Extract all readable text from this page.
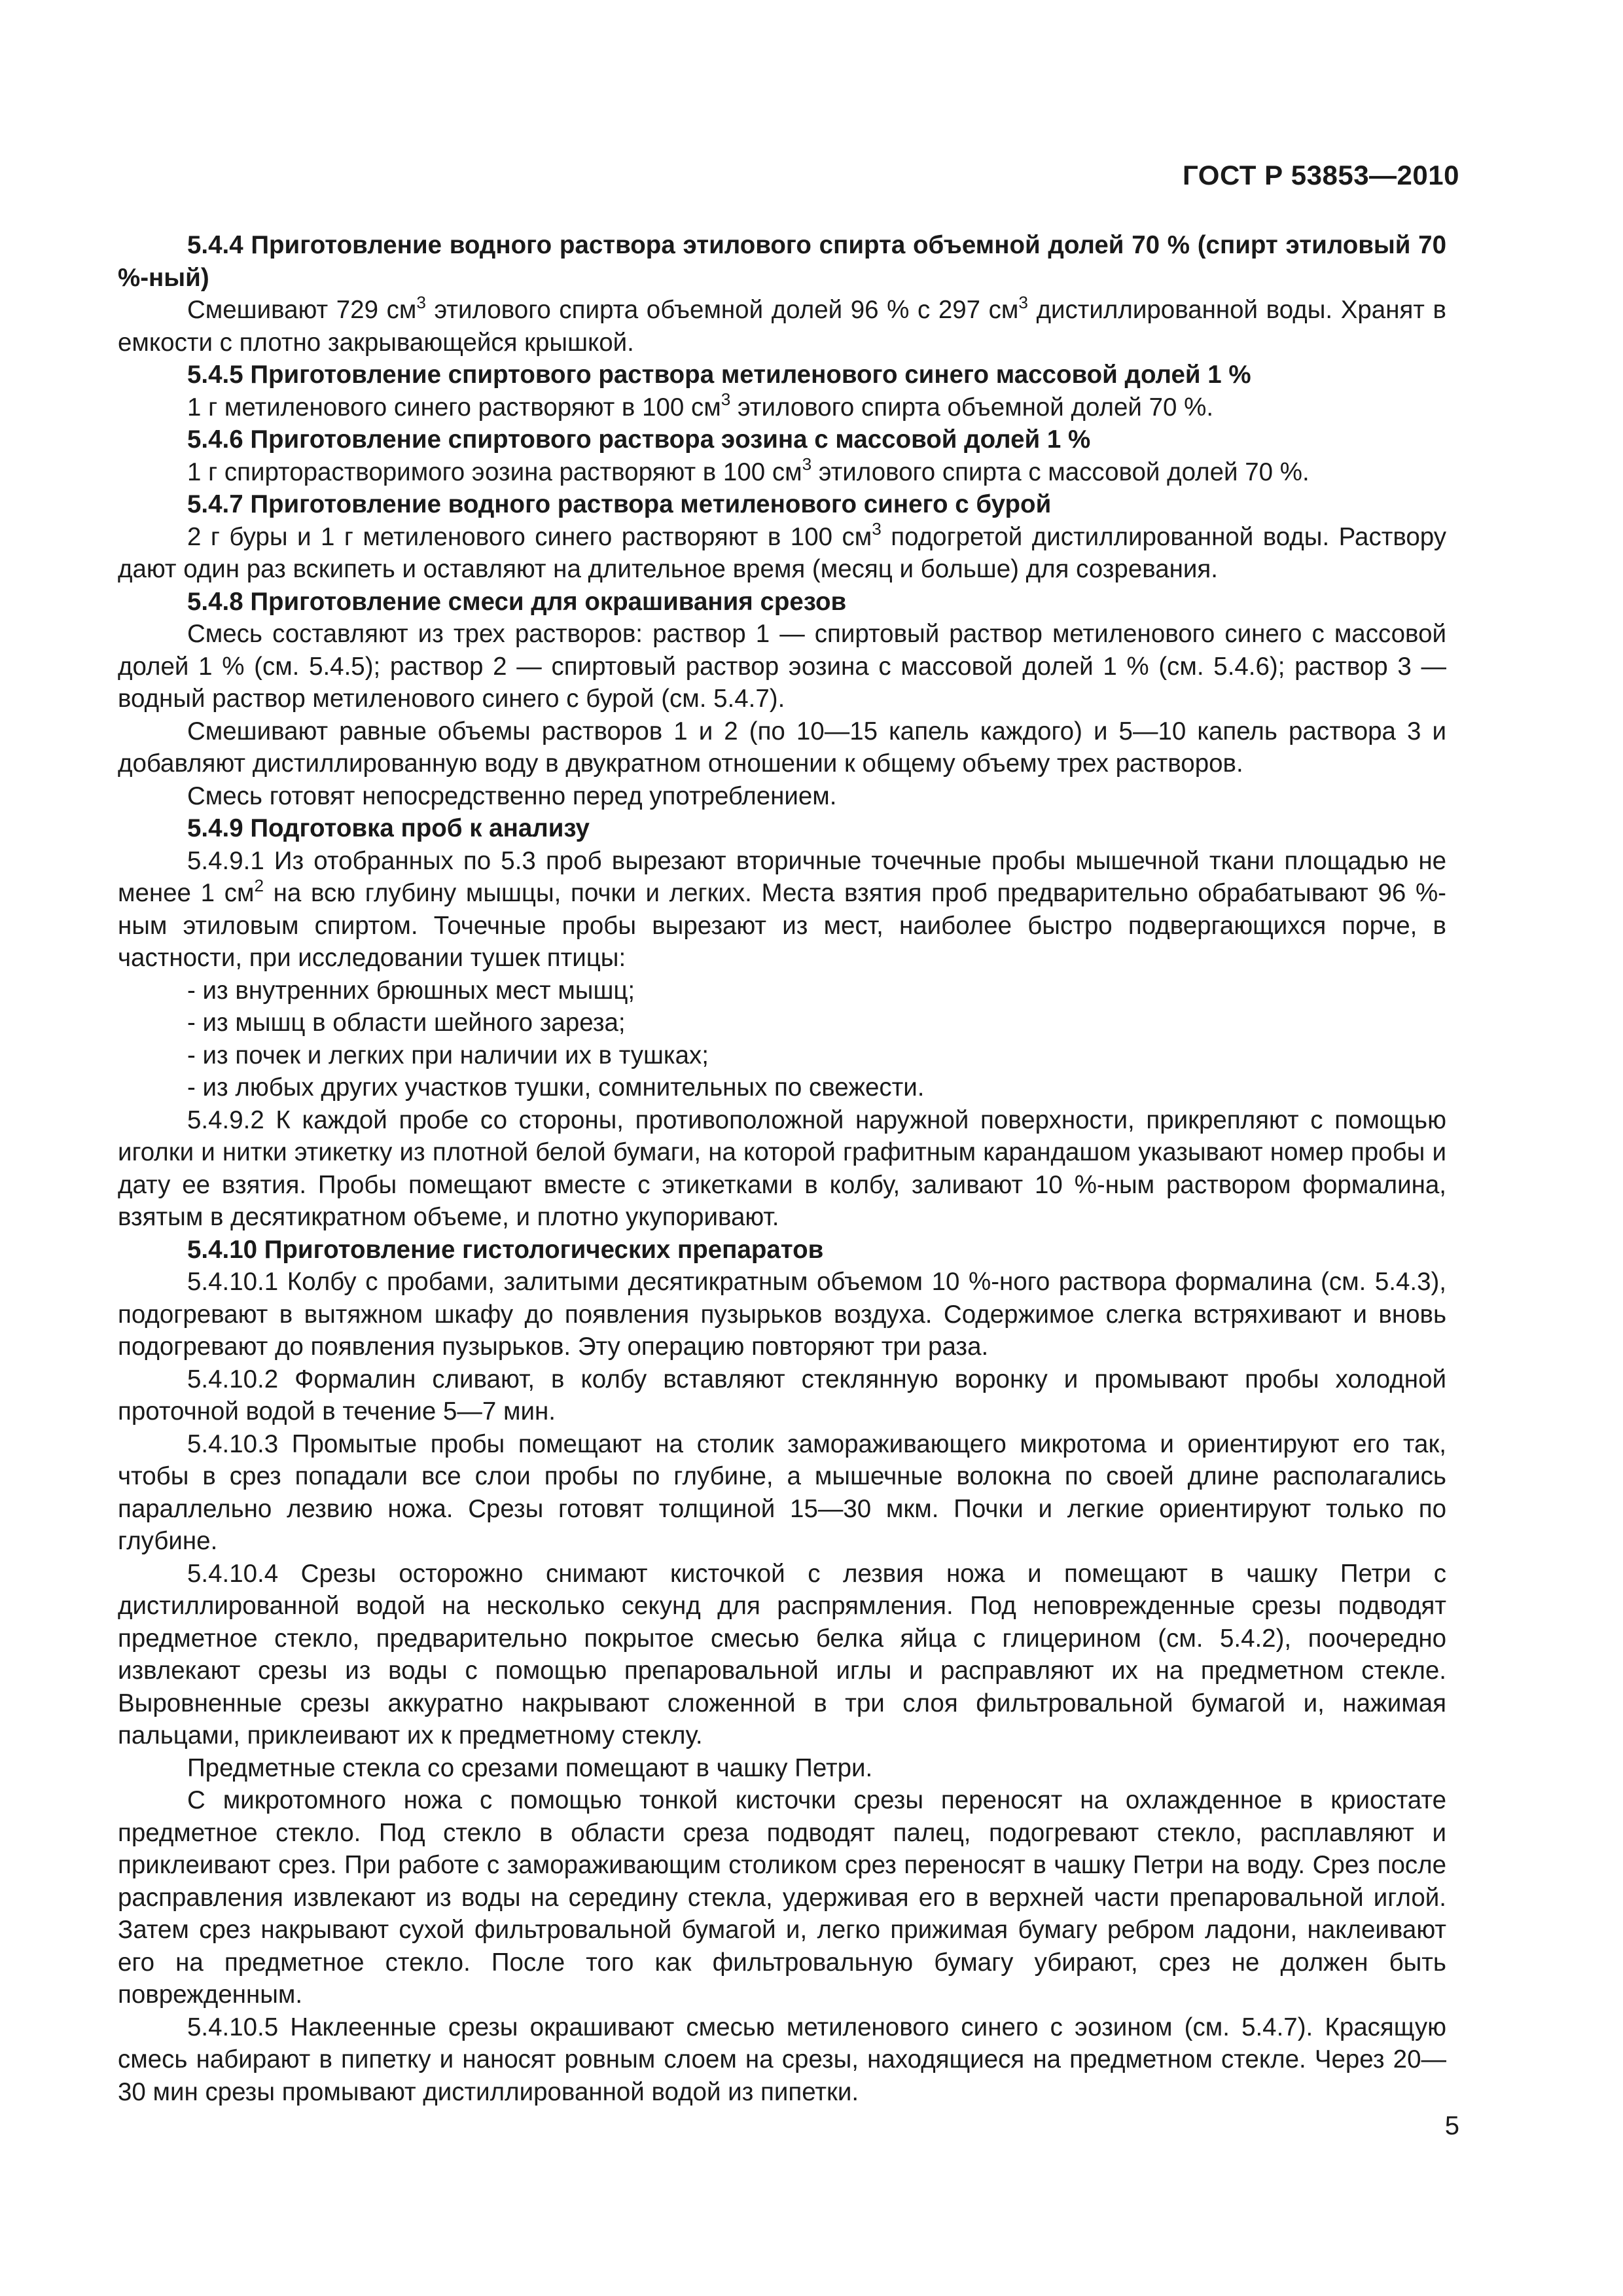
ГОСТ Р 53853—2010

5.4.4 Приготовление водного раствора этилового спирта объемной долей 70 % (спирт этиловый 70 %-ный)

Смешивают 729 $см^3$ этилового спирта объемной долей 96 % с 297 $см^3$ дистиллированной воды. Хранят в емкости с плотно закрывающейся крышкой.

5.4.5 Приготовление спиртового раствора метиленового синего массовой долей 1 %

1 г метиленового синего растворяют в 100 $см^3$ этилового спирта объемной долей 70 %.

5.4.6 Приготовление спиртового раствора эозина с массовой долей 1 %

1 г спирторастворимого эозина растворяют в 100 $см^3$ этилового спирта с массовой долей 70 %.

5.4.7 Приготовление водного раствора метиленового синего с бурой

2 г буры и 1 г метиленового синего растворяют в 100 $см^3$ подогретой дистиллированной воды. Раствору дают один раз вскипеть и оставляют на длительное время (месяц и больше) для созревания.

5.4.8 Приготовление смеси для окрашивания срезов

Смесь составляют из трех растворов: раствор 1 — спиртовый раствор метиленового синего с массовой долей 1 % (см. 5.4.5); раствор 2 — спиртовый раствор эозина с массовой долей 1 % (см. 5.4.6); раствор 3 — водный раствор метиленового синего с бурой (см. 5.4.7).

Смешивают равные объемы растворов 1 и 2 (по 10—15 капель каждого) и 5—10 капель раствора 3 и добавляют дистиллированную воду в двукратном отношении к общему объему трех растворов.

Смесь готовят непосредственно перед употреблением.

5.4.9 Подготовка проб к анализу

5.4.9.1 Из отобранных по 5.3 проб вырезают вторичные точечные пробы мышечной ткани площадью не менее 1 $см^2$ на всю глубину мышцы, почки и легких. Места взятия проб предварительно обрабатывают 96 %-ным этиловым спиртом. Точечные пробы вырезают из мест, наиболее быстро подвергающихся порче, в частности, при исследовании тушек птицы:

- из внутренних брюшных мест мышц;

- из мышц в области шейного зареза;

- из почек и легких при наличии их в тушках;

- из любых других участков тушки, сомнительных по свежести.

5.4.9.2 К каждой пробе со стороны, противоположной наружной поверхности, прикрепляют с помощью иголки и нитки этикетку из плотной белой бумаги, на которой графитным карандашом указывают номер пробы и дату ее взятия. Пробы помещают вместе с этикетками в колбу, заливают 10 %-ным раствором формалина, взятым в десятикратном объеме, и плотно укупоривают.

5.4.10 Приготовление гистологических препаратов

5.4.10.1 Колбу с пробами, залитыми десятикратным объемом 10 %-ного раствора формалина (см. 5.4.3), подогревают в вытяжном шкафу до появления пузырьков воздуха. Содержимое слегка встряхивают и вновь подогревают до появления пузырьков. Эту операцию повторяют три раза.

5.4.10.2 Формалин сливают, в колбу вставляют стеклянную воронку и промывают пробы холодной проточной водой в течение 5—7 мин.

5.4.10.3 Промытые пробы помещают на столик замораживающего микротома и ориентируют его так, чтобы в срез попадали все слои пробы по глубине, а мышечные волокна по своей длине располагались параллельно лезвию ножа. Срезы готовят толщиной 15—30 мкм. Почки и легкие ориентируют только по глубине.

5.4.10.4 Срезы осторожно снимают кисточкой с лезвия ножа и помещают в чашку Петри с дистиллированной водой на несколько секунд для распрямления. Под неповрежденные срезы подводят предметное стекло, предварительно покрытое смесью белка яйца с глицерином (см. 5.4.2), поочередно извлекают срезы из воды с помощью препаровальной иглы и расправляют их на предметном стекле. Выровненные срезы аккуратно накрывают сложенной в три слоя фильтровальной бумагой и, нажимая пальцами, приклеивают их к предметному стеклу.

Предметные стекла со срезами помещают в чашку Петри.

С микротомного ножа с помощью тонкой кисточки срезы переносят на охлажденное в криостате предметное стекло. Под стекло в области среза подводят палец, подогревают стекло, расплавляют и приклеивают срез. При работе с замораживающим столиком срез переносят в чашку Петри на воду. Срез после расправления извлекают из воды на середину стекла, удерживая его в верхней части препаровальной иглой. Затем срез накрывают сухой фильтровальной бумагой и, легко прижимая бумагу ребром ладони, наклеивают его на предметное стекло. После того как фильтровальную бумагу убирают, срез не должен быть поврежденным.

5.4.10.5 Наклеенные срезы окрашивают смесью метиленового синего с эозином (см. 5.4.7). Красящую смесь набирают в пипетку и наносят ровным слоем на срезы, находящиеся на предметном стекле. Через 20—30 мин срезы промывают дистиллированной водой из пипетки.

5
